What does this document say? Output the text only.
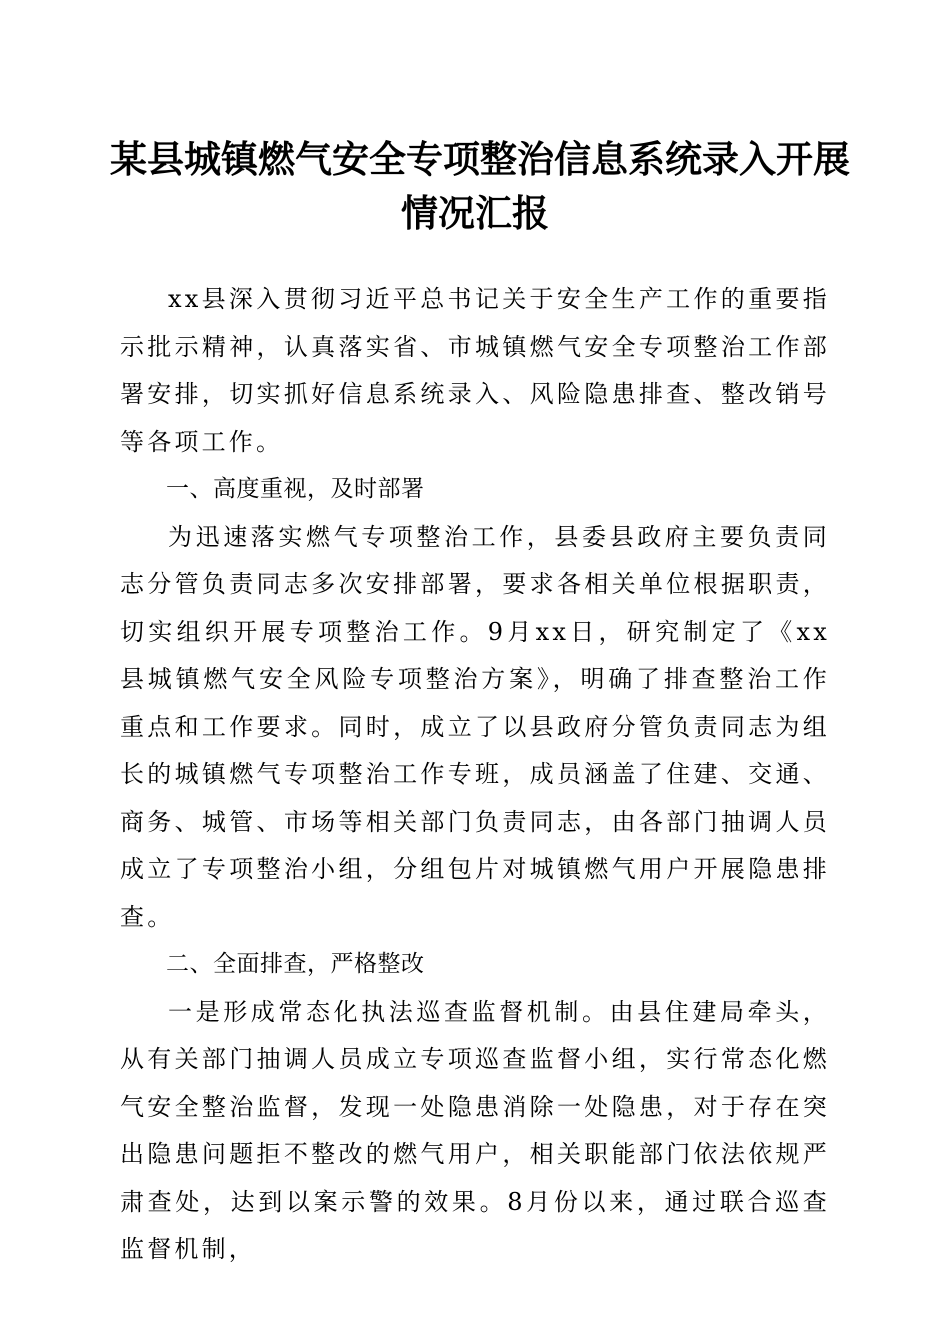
某县城镇燃气安全专项整治信息系统录入开展
情况汇报

xx县深入贯彻习近平总书记关于安全生产工作的重要指示批示精神，认真落实省、市城镇燃气安全专项整治工作部署安排，切实抓好信息系统录入、风险隐患排查、整改销号等各项工作。

一、高度重视，及时部署

为迅速落实燃气专项整治工作，县委县政府主要负责同志分管负责同志多次安排部署，要求各相关单位根据职责，切实组织开展专项整治工作。9月xx日，研究制定了《xx县城镇燃气安全风险专项整治方案》，明确了排查整治工作重点和工作要求。同时，成立了以县政府分管负责同志为组长的城镇燃气专项整治工作专班，成员涵盖了住建、交通、商务、城管、市场等相关部门负责同志，由各部门抽调人员成立了专项整治小组，分组包片对城镇燃气用户开展隐患排查。

二、全面排查，严格整改

一是形成常态化执法巡查监督机制。由县住建局牵头，从有关部门抽调人员成立专项巡查监督小组，实行常态化燃气安全整治监督，发现一处隐患消除一处隐患，对于存在突出隐患问题拒不整改的燃气用户，相关职能部门依法依规严肃查处，达到以案示警的效果。8月份以来，通过联合巡查监督机制，
